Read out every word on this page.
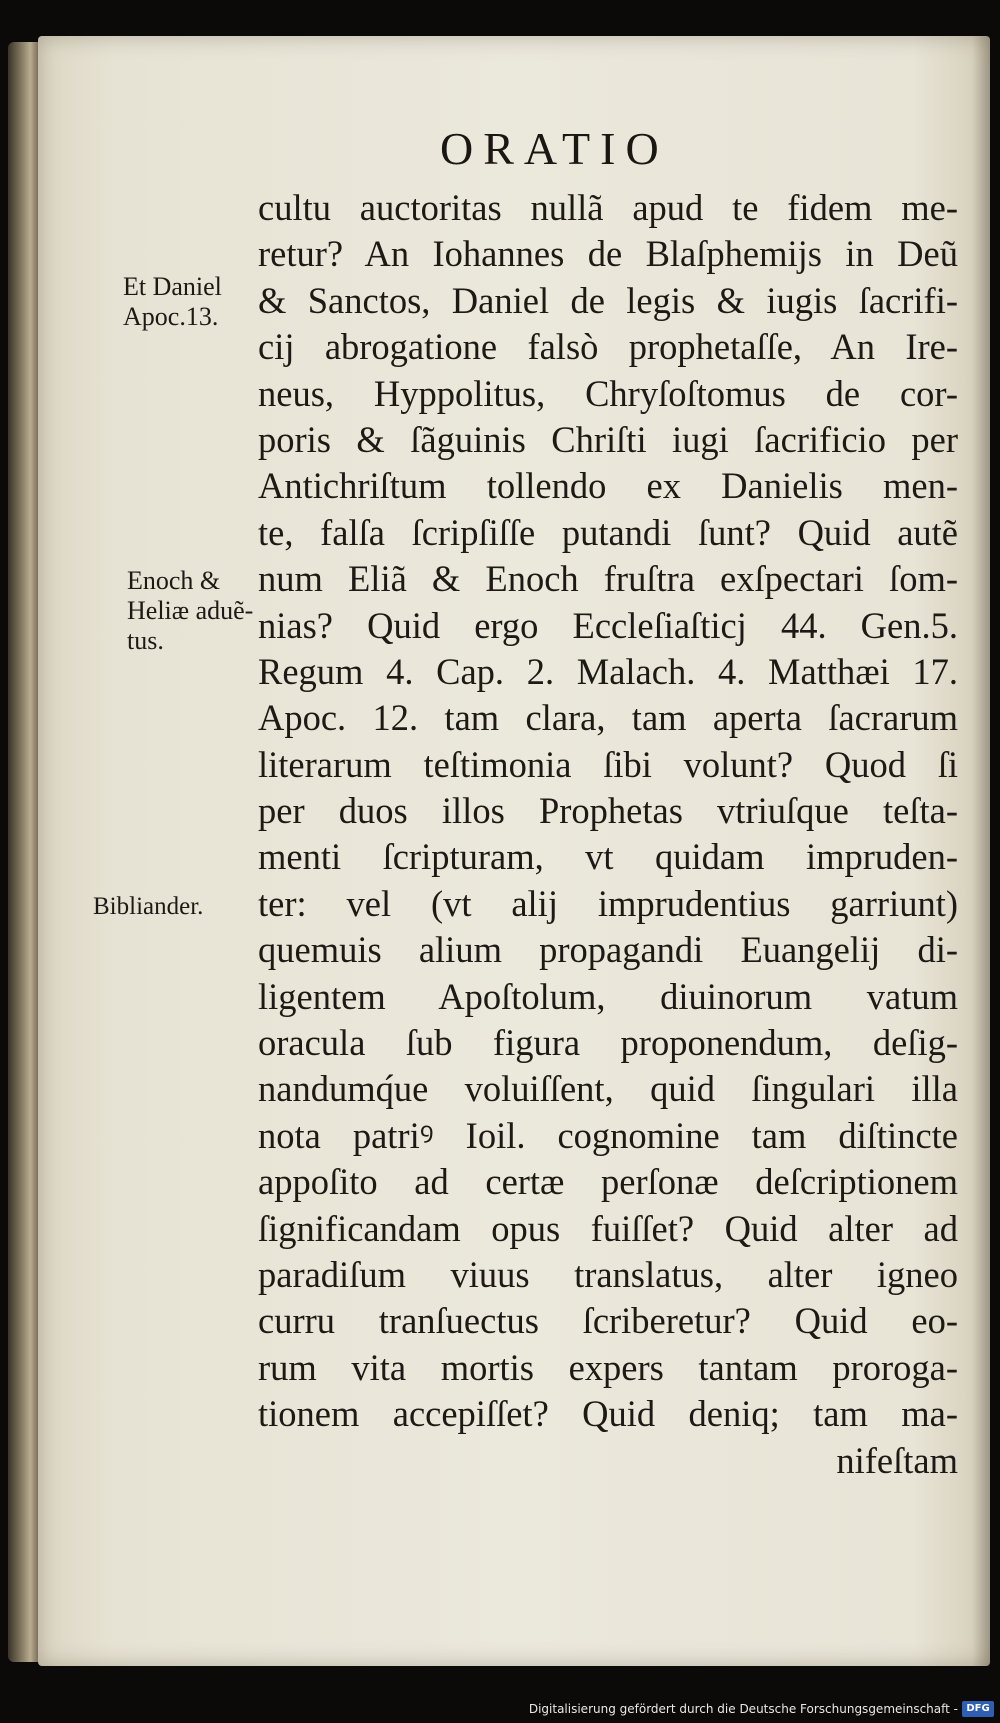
ORATIO
Et Daniel
Apoc.13.
Enoch &
Heliæ aduẽ-
tus.
Bibliander.
cultu auctoritas nullã apud te fidem me-
retur? An Iohannes de Blaſphemijs in Deũ
& Sanctos, Daniel de legis & iugis ſacrifi-
cij abrogatione falsò prophetaſſe, An Ire-
neus, Hyppolitus, Chryſoſtomus de cor-
poris & ſãguinis Chriſti iugi ſacrificio per
Antichriſtum tollendo ex Danielis men-
te, falſa ſcripſiſſe putandi ſunt? Quid autẽ
num Eliã & Enoch fruſtra exſpectari ſom-
nias? Quid ergo Eccleſiaſticj 44. Gen.5.
Regum 4. Cap. 2. Malach. 4. Matthæi 17.
Apoc. 12. tam clara, tam aperta ſacrarum
literarum teſtimonia ſibi volunt? Quod ſi
per duos illos Prophetas vtriuſque teſta-
menti ſcripturam, vt quidam impruden-
ter: vel (vt alij imprudentius garriunt)
quemuis alium propagandi Euangelij di-
ligentem Apoſtolum, diuinorum vatum
oracula ſub figura proponendum, deſig-
nandumq́ue voluiſſent, quid ſingulari illa
nota patriꝰ Ioil. cognomine tam diſtincte
appoſito ad certæ perſonæ deſcriptionem
ſignificandam opus fuiſſet? Quid alter ad
paradiſum viuus translatus, alter igneo
curru tranſuectus ſcriberetur? Quid eo-
rum vita mortis expers tantam proroga-
tionem accepiſſet? Quid deniq; tam ma-
nifeſtam
Digitalisierung gefördert durch die Deutsche Forschungsgemeinschaft - DFG
